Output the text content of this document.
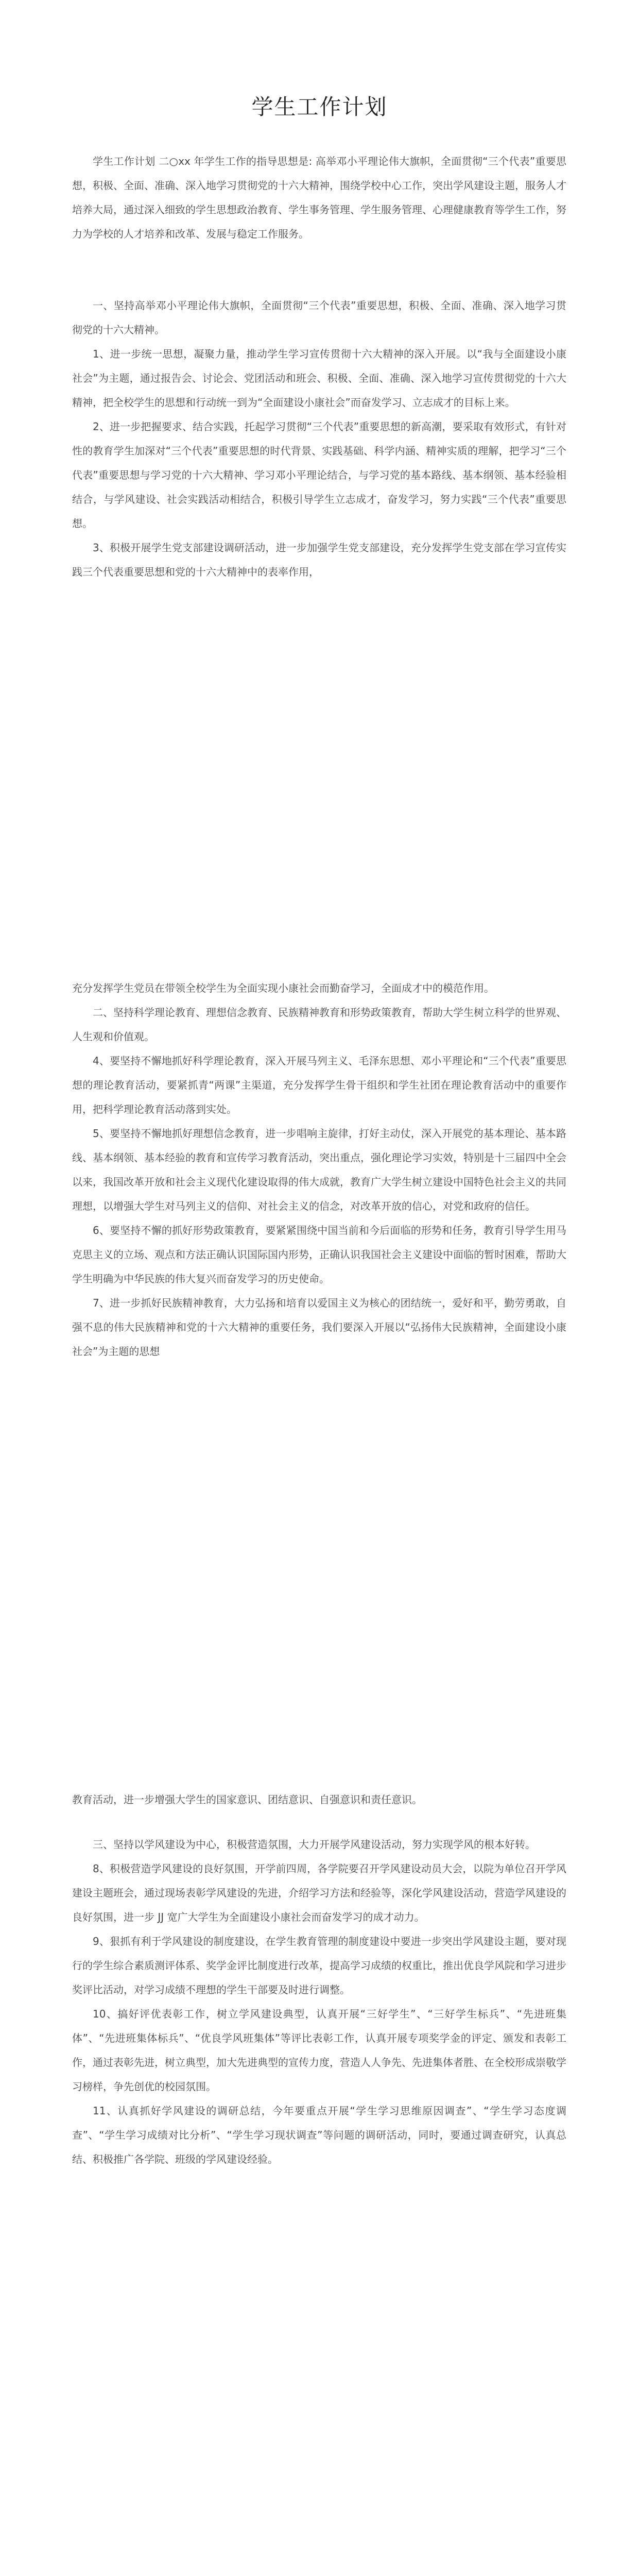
学生工作计划

学生工作计划 二○xx 年学生工作的指导思想是: 高举邓小平理论伟大旗帜，全面贯彻“三个代表”重要思想，积极、全面、准确、深入地学习贯彻党的十六大精神，围绕学校中心工作，突出学风建设主题，服务人才培养大局，通过深入细致的学生思想政治教育、学生事务管理、学生服务管理、心理健康教育等学生工作，努力为学校的人才培养和改革、发展与稳定工作服务。

一、坚持高举邓小平理论伟大旗帜，全面贯彻“三个代表”重要思想，积极、全面、准确、深入地学习贯彻党的十六大精神。

1、进一步统一思想，凝聚力量，推动学生学习宣传贯彻十六大精神的深入开展。以“我与全面建设小康社会”为主题，通过报告会、讨论会、党团活动和班会、积极、全面、准确、深入地学习宣传贯彻党的十六大精神，把全校学生的思想和行动统一到为“全面建设小康社会”而奋发学习、立志成才的目标上来。

2、进一步把握要求、结合实践，托起学习贯彻“三个代表”重要思想的新高潮，要采取有效形式，有针对性的教育学生加深对“三个代表”重要思想的时代背景、实践基础、科学内涵、精神实质的理解，把学习“三个代表”重要思想与学习党的十六大精神、学习邓小平理论结合，与学习党的基本路线、基本纲领、基本经验相结合，与学风建设、社会实践活动相结合，积极引导学生立志成才，奋发学习，努力实践“三个代表”重要思想。

3、积极开展学生党支部建设调研活动，进一步加强学生党支部建设，充分发挥学生党支部在学习宣传实践三个代表重要思想和党的十六大精神中的表率作用，

充分发挥学生党员在带领全校学生为全面实现小康社会而勤奋学习，全面成才中的模范作用。

二、坚持科学理论教育、理想信念教育、民族精神教育和形势政策教育，帮助大学生树立科学的世界观、人生观和价值观。

4、要坚持不懈地抓好科学理论教育，深入开展马列主义、毛泽东思想、邓小平理论和“三个代表”重要思想的理论教育活动，要紧抓青“两课”主渠道，充分发挥学生骨干组织和学生社团在理论教育活动中的重要作用，把科学理论教育活动落到实处。

5、要坚持不懈地抓好理想信念教育，进一步唱响主旋律，打好主动仗，深入开展党的基本理论、基本路线、基本纲领、基本经验的教育和宣传学习教育活动，突出重点，强化理论学习实效，特别是十三届四中全会以来，我国改革开放和社会主义现代化建设取得的伟大成就，教育广大学生树立建设中国特色社会主义的共同理想，以增强大学生对马列主义的信仰、对社会主义的信念，对改革开放的信心，对党和政府的信任。

6、要坚持不懈的抓好形势政策教育，要紧紧围绕中国当前和今后面临的形势和任务，教育引导学生用马克思主义的立场、观点和方法正确认识国际国内形势，正确认识我国社会主义建设中面临的暂时困难，帮助大学生明确为中华民族的伟大复兴而奋发学习的历史使命。

7、进一步抓好民族精神教育，大力弘扬和培育以爱国主义为核心的团结统一，爱好和平，勤劳勇敢，自强不息的伟大民族精神和党的十六大精神的重要任务，我们要深入开展以“弘扬伟大民族精神，全面建设小康社会”为主题的思想

教育活动，进一步增强大学生的国家意识、团结意识、自强意识和责任意识。

三、坚持以学风建设为中心，积极营造氛围，大力开展学风建设活动，努力实现学风的根本好转。

8、积极营造学风建设的良好氛围，开学前四周，各学院要召开学风建设动员大会，以院为单位召开学风建设主题班会，通过现场表彰学风建设的先进，介绍学习方法和经验等，深化学风建设活动，营造学风建设的良好氛围，进一步 JJ 宽广大学生为全面建设小康社会而奋发学习的成才动力。

9、狠抓有利于学风建设的制度建设，在学生教育管理的制度建设中要进一步突出学风建设主题，要对现行的学生综合素质测评体系、奖学金评比制度进行改革，提高学习成绩的权重比，推出优良学风院和学习进步奖评比活动，对学习成绩不理想的学生干部要及时进行调整。

10、搞好评优表彰工作，树立学风建设典型，认真开展“三好学生”、“三好学生标兵”、“先进班集体”、“先进班集体标兵”、“优良学风班集体”等评比表彰工作，认真开展专项奖学金的评定、颁发和表彰工作，通过表彰先进，树立典型，加大先进典型的宣传力度，营造人人争先、先进集体者胜、在全校形成崇敬学习榜样，争先创优的校园氛围。

11、认真抓好学风建设的调研总结，今年要重点开展“学生学习思维原因调查”、“学生学习态度调查”、“学生学习成绩对比分析”、“学生学习现状调查”等问题的调研活动，同时，要通过调查研究，认真总结、积极推广各学院、班级的学风建设经验。
